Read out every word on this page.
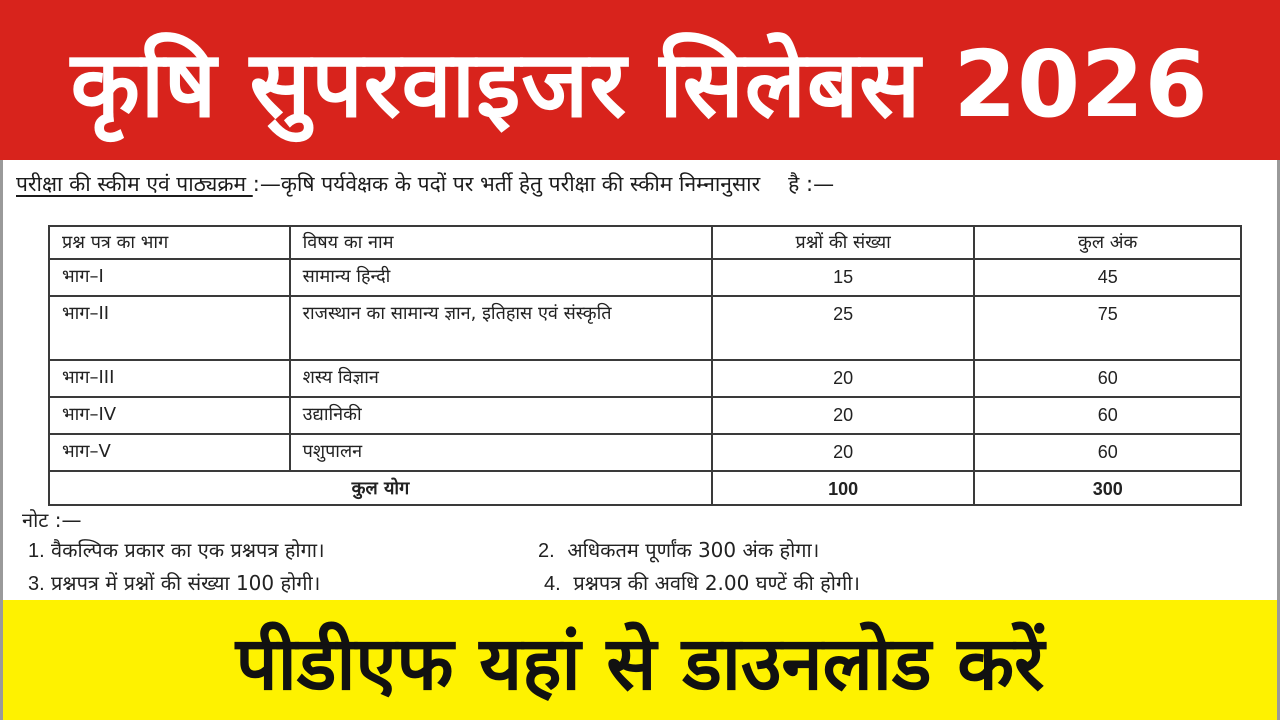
कृषि सुपरवाइजर सिलेबस 2026
परीक्षा की स्कीम एवं पाठ्यक्रम :—कृषि पर्यवेक्षक के पदों पर भर्ती हेतु परीक्षा की स्कीम निम्नानुसार है :—
प्रश्न पत्र का भाग	विषय का नाम	प्रश्नों की संख्या	कुल अंक
भाग–I	सामान्य हिन्दी	15	45
भाग–II	राजस्थान का सामान्य ज्ञान, इतिहास एवं संस्कृति	25	75
भाग–III	शस्य विज्ञान	20	60
भाग–IV	उद्यानिकी	20	60
भाग–V	पशुपालन	20	60
कुल योग		100	300
नोट :—
1. वैकल्पिक प्रकार का एक प्रश्नपत्र होगा।	2. अधिकतम पूर्णांक 300 अंक होगा।
3. प्रश्नपत्र में प्रश्नों की संख्या 100 होगी।	4. प्रश्नपत्र की अवधि 2.00 घण्टें की होगी।
पीडीएफ यहां से डाउनलोड करें
